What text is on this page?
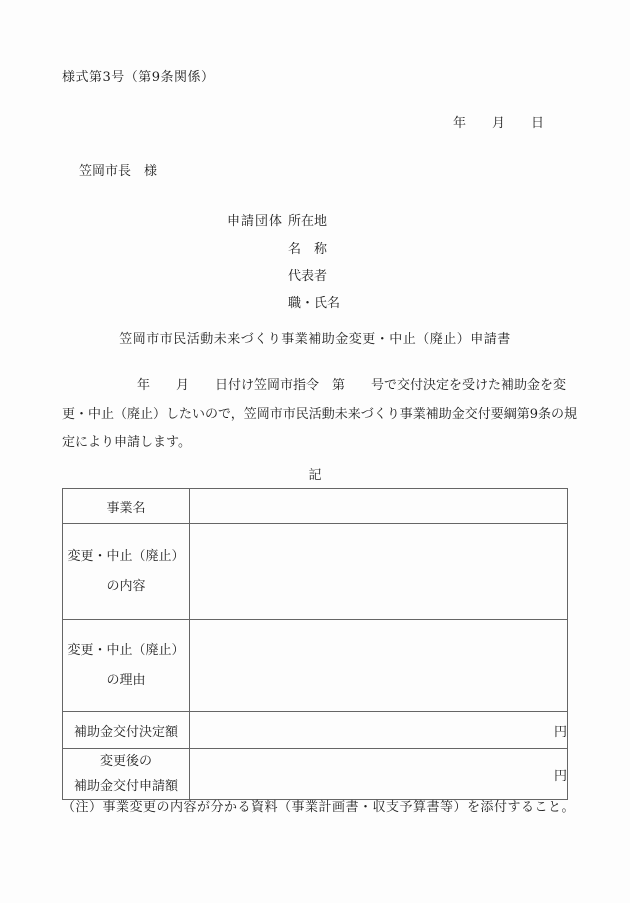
様式第3号（第9条関係）
年　　月　　日
笠岡市長　様
申請団体 所在地
名　称
代表者
職・氏名
笠岡市市民活動未来づくり事業補助金変更・中止（廃止）申請書
年　　月　　日付け笠岡市指令　第　　号で交付決定を受けた補助金を変
更・中止（廃止）したいので，笠岡市市民活動未来づくり事業補助金交付要綱第9条の規
定により申請します。
記
事業名	

変更・中止（廃止）
の内容	

変更・中止（廃止）
の理由	

補助金交付決定額	円

変更後の
補助金交付申請額	円
（注）事業変更の内容が分かる資料（事業計画書・収支予算書等）を添付すること。
